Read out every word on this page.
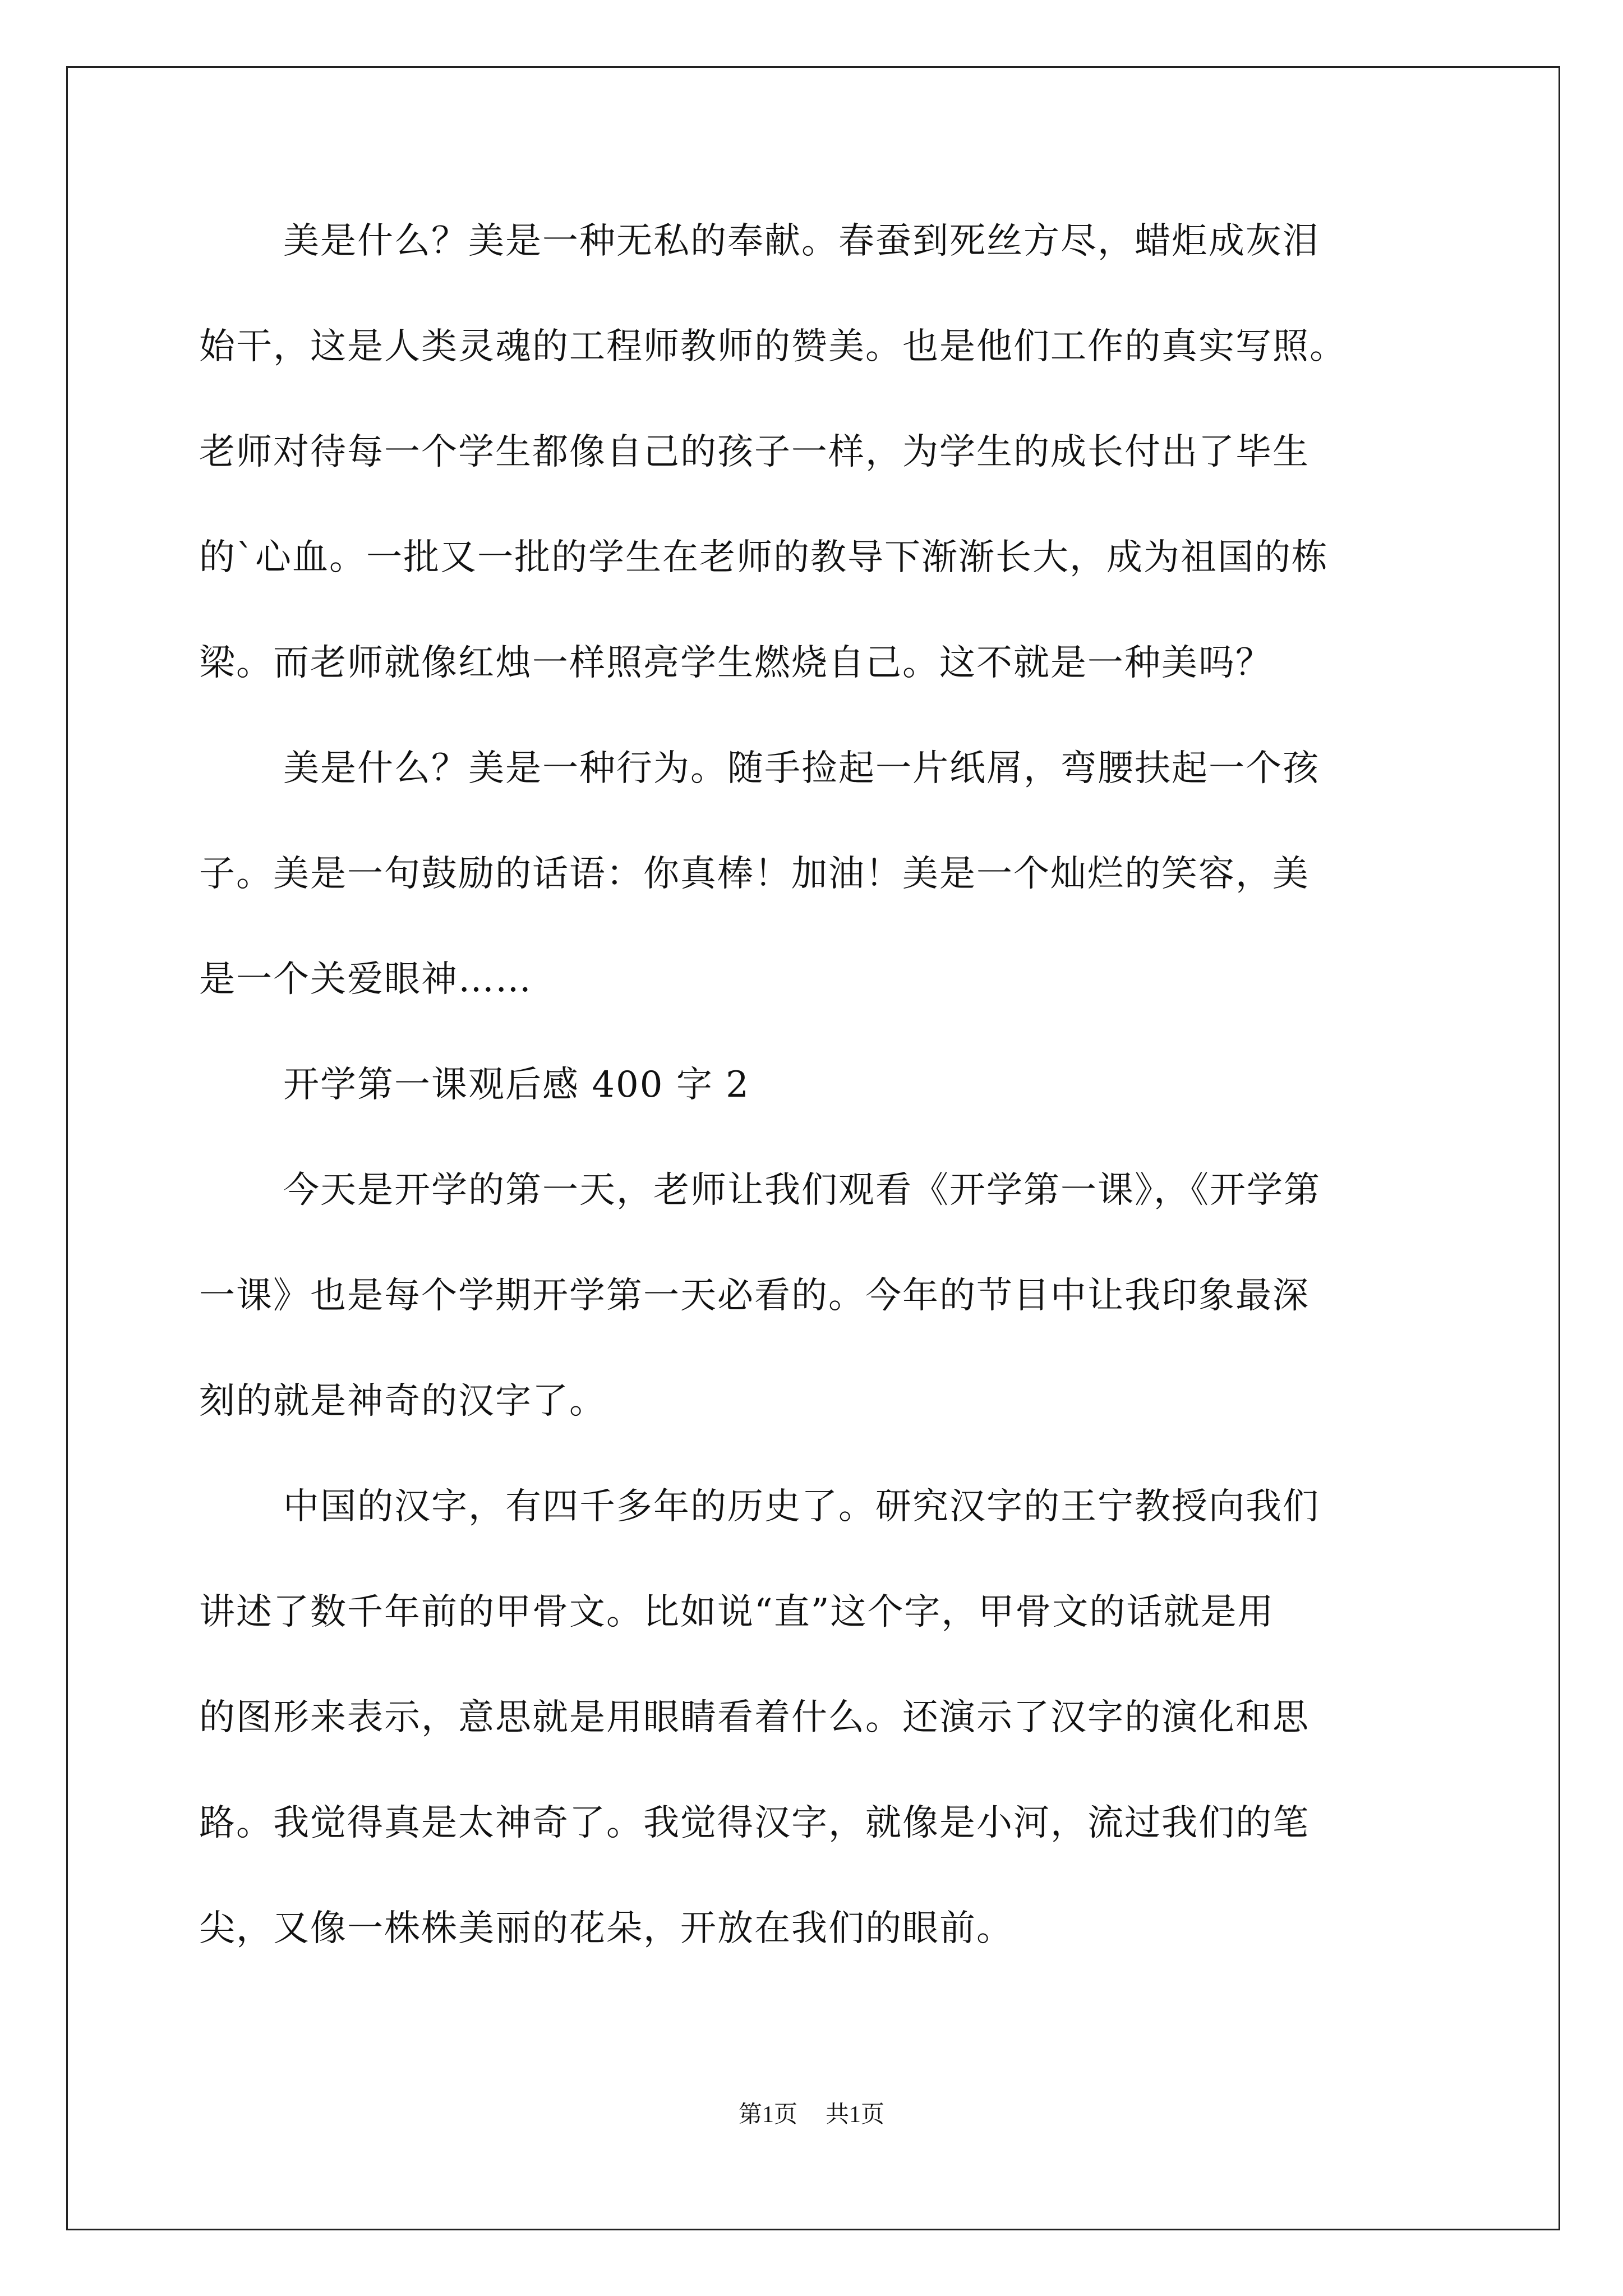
美是什么？美是一种无私的奉献。春蚕到死丝方尽，蜡炬成灰泪

始干，这是人类灵魂的工程师教师的赞美。也是他们工作的真实写照。

老师对待每一个学生都像自己的孩子一样，为学生的成长付出了毕生

的`心血。一批又一批的学生在老师的教导下渐渐长大，成为祖国的栋

梁。而老师就像红烛一样照亮学生燃烧自己。这不就是一种美吗？

美是什么？美是一种行为。随手捡起一片纸屑，弯腰扶起一个孩

子。美是一句鼓励的话语：你真棒！加油！美是一个灿烂的笑容，美

是一个关爱眼神……

开学第一课观后感 400 字 2

今天是开学的第一天，老师让我们观看《开学第一课》，《开学第

一课》也是每个学期开学第一天必看的。今年的节目中让我印象最深

刻的就是神奇的汉字了。

中国的汉字，有四千多年的历史了。研究汉字的王宁教授向我们

讲述了数千年前的甲骨文。比如说“直”这个字，甲骨文的话就是用

的图形来表示，意思就是用眼睛看着什么。还演示了汉字的演化和思

路。我觉得真是太神奇了。我觉得汉字，就像是小河，流过我们的笔

尖，又像一株株美丽的花朵，开放在我们的眼前。

第1页 共1页
